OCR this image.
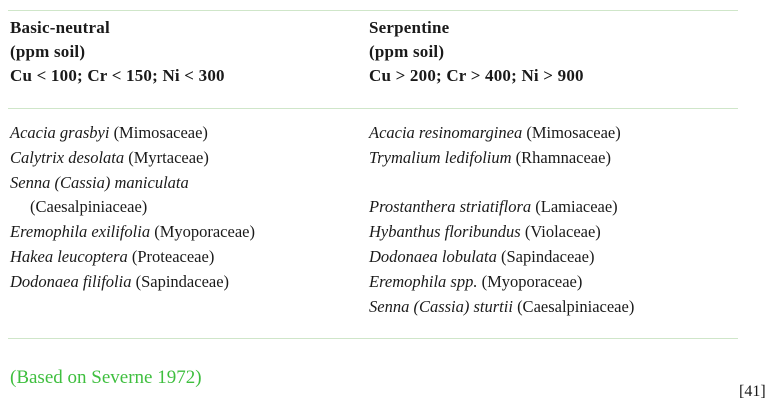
Basic-neutral
(ppm soil)
Cu < 100; Cr < 150; Ni < 300
Serpentine
(ppm soil)
Cu > 200; Cr > 400; Ni > 900
Acacia grasbyi (Mimosaceae)
Calytrix desolata (Myrtaceae)
Senna (Cassia) maniculata
(Caesalpiniaceae)
Eremophila exilifolia (Myoporaceae)
Hakea leucoptera (Proteaceae)
Dodonaea filifolia (Sapindaceae)
Acacia resinomarginea (Mimosaceae)
Trymalium ledifolium (Rhamnaceae)
Prostanthera striatiflora (Lamiaceae)
Hybanthus floribundus (Violaceae)
Dodonaea lobulata (Sapindaceae)
Eremophila spp. (Myoporaceae)
Senna (Cassia) sturtii (Caesalpiniaceae)
(Based on Severne 1972)
[41]
